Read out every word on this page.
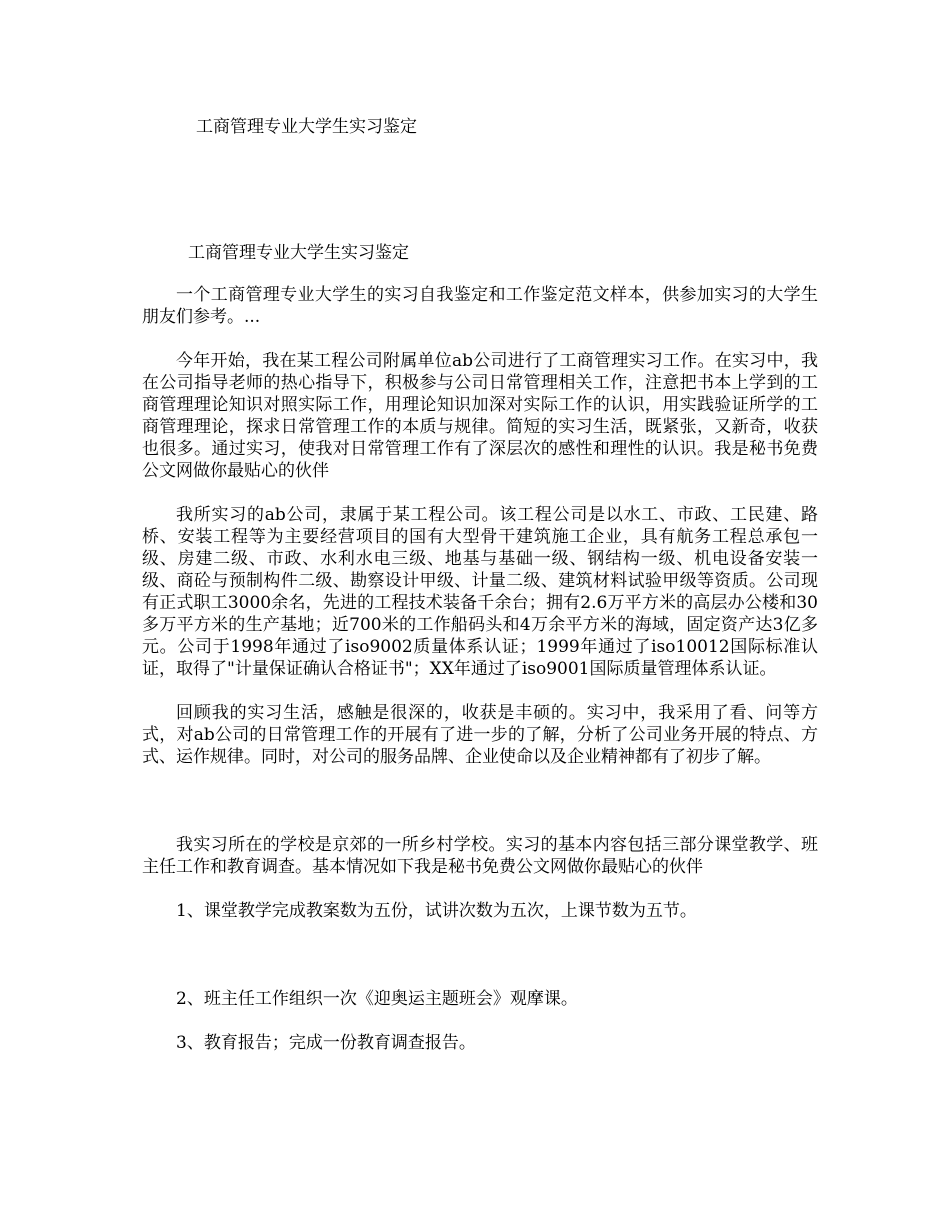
工商管理专业大学生实习鉴定
工商管理专业大学生实习鉴定

一个工商管理专业大学生的实习自我鉴定和工作鉴定范文样本，供参加实习的大学生朋友们参考。...

今年开始，我在某工程公司附属单位ab公司进行了工商管理实习工作。在实习中，我在公司指导老师的热心指导下，积极参与公司日常管理相关工作，注意把书本上学到的工商管理理论知识对照实际工作，用理论知识加深对实际工作的认识，用实践验证所学的工商管理理论，探求日常管理工作的本质与规律。简短的实习生活，既紧张，又新奇，收获也很多。通过实习，使我对日常管理工作有了深层次的感性和理性的认识。我是秘书免费公文网做你最贴心的伙伴

我所实习的ab公司，隶属于某工程公司。该工程公司是以水工、市政、工民建、路桥、安装工程等为主要经营项目的国有大型骨干建筑施工企业，具有航务工程总承包一级、房建二级、市政、水利水电三级、地基与基础一级、钢结构一级、机电设备安装一级、商砼与预制构件二级、勘察设计甲级、计量二级、建筑材料试验甲级等资质。公司现有正式职工3000余名，先进的工程技术装备千余台；拥有2.6万平方米的高层办公楼和30多万平方米的生产基地；近700米的工作船码头和4万余平方米的海域，固定资产达3亿多元。公司于1998年通过了iso9002质量体系认证；1999年通过了iso10012国际标准认证，取得了"计量保证确认合格证书"；XX年通过了iso9001国际质量管理体系认证。

回顾我的实习生活，感触是很深的，收获是丰硕的。实习中，我采用了看、问等方式，对ab公司的日常管理工作的开展有了进一步的了解，分析了公司业务开展的特点、方式、运作规律。同时，对公司的服务品牌、企业使命以及企业精神都有了初步了解。

我实习所在的学校是京郊的一所乡村学校。实习的基本内容包括三部分课堂教学、班主任工作和教育调查。基本情况如下我是秘书免费公文网做你最贴心的伙伴

1、课堂教学完成教案数为五份，试讲次数为五次，上课节数为五节。

2、班主任工作组织一次《迎奥运主题班会》观摩课。

3、教育报告；完成一份教育调查报告。
